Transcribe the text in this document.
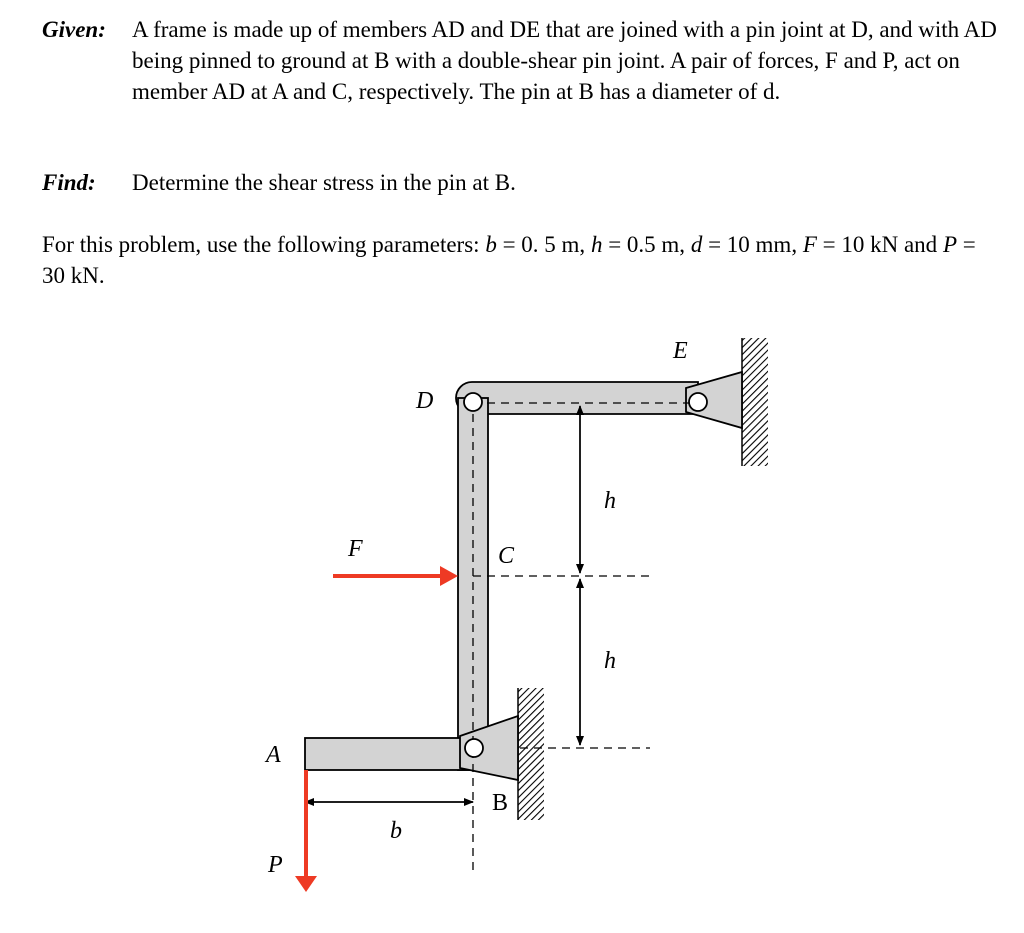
Given: A frame is made up of members AD and DE that are joined with a pin joint at D, and with AD being pinned to ground at B with a double-shear pin joint. A pair of forces, F and P, act on member AD at A and C, respectively. The pin at B has a diameter of d.
Find: Determine the shear stress in the pin at B.
For this problem, use the following parameters: b = 0. 5 m, h = 0.5 m, d = 10 mm, F = 10 kN and P = 30 kN.
E
D
C
B
A
F
P
h
h
b
